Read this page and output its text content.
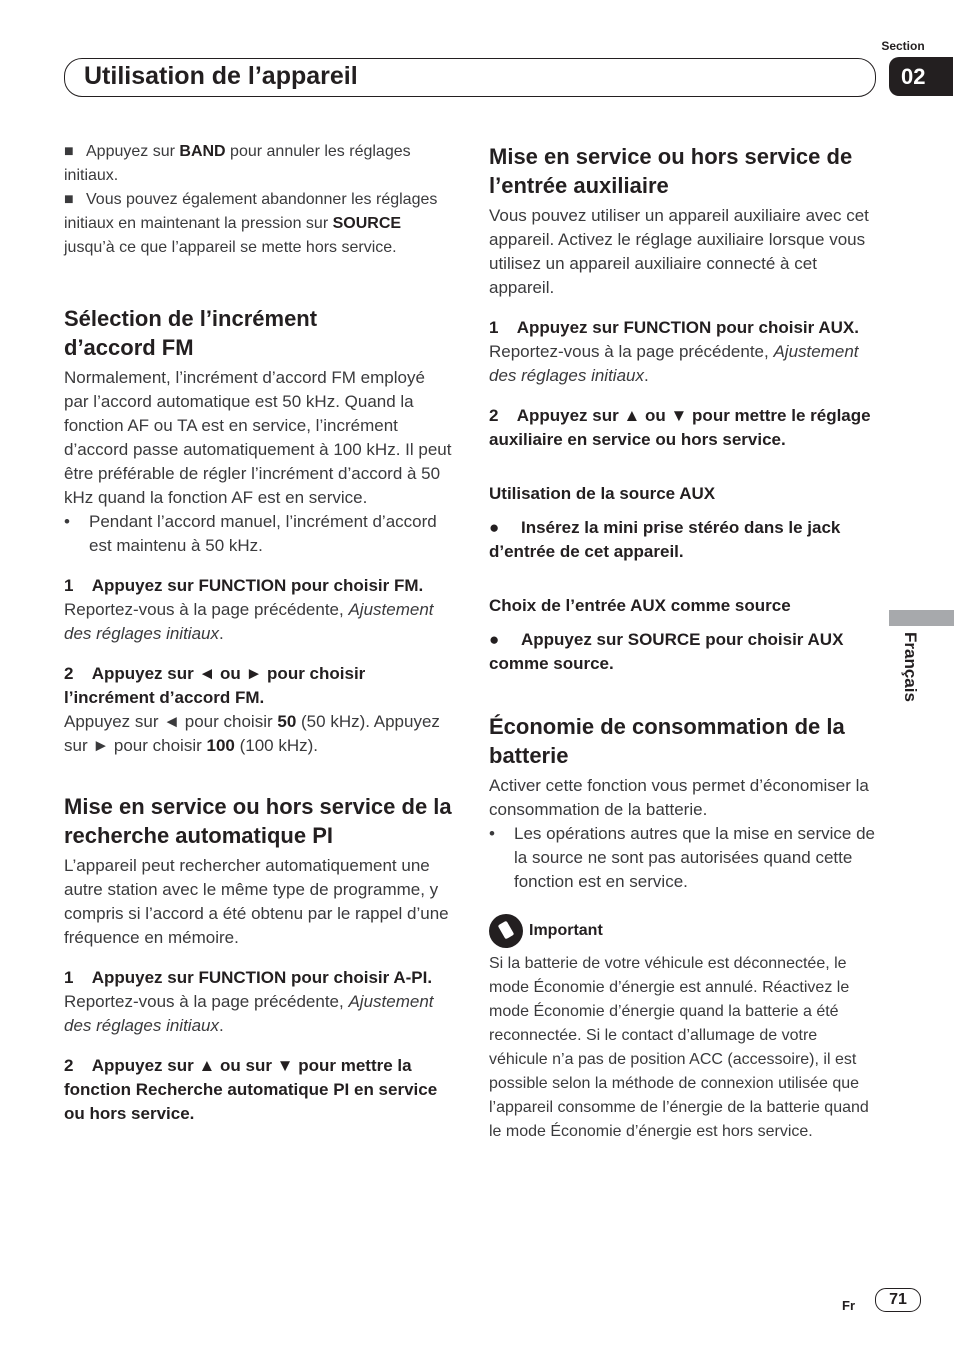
Utilisation de l’appareil
Section
02
Français

■ Appuyez sur BAND pour annuler les réglages initiaux.

■ Vous pouvez également abandonner les réglages initiaux en maintenant la pression sur SOURCE jusqu’à ce que l’appareil se mette hors service.

Sélection de l’incrément d’accord FM

Normalement, l’incrément d’accord FM employé par l’accord automatique est 50 kHz. Quand la fonction AF ou TA est en service, l’incrément d’accord passe automatiquement à 100 kHz. Il peut être préférable de régler l’incrément d’accord à 50 kHz quand la fonction AF est en service.

• Pendant l’accord manuel, l’incrément d’accord est maintenu à 50 kHz.

1    Appuyez sur FUNCTION pour choisir FM.

Reportez-vous à la page précédente, Ajustement des réglages initiaux.

2    Appuyez sur ◄ ou ► pour choisir l’incrément d’accord FM.

Appuyez sur ◄ pour choisir 50 (50 kHz). Appuyez sur ► pour choisir 100 (100 kHz).

Mise en service ou hors service de la recherche automatique PI

L’appareil peut rechercher automatiquement une autre station avec le même type de programme, y compris si l’accord a été obtenu par le rappel d’une fréquence en mémoire.

1    Appuyez sur FUNCTION pour choisir A-PI.

Reportez-vous à la page précédente, Ajustement des réglages initiaux.

2    Appuyez sur ▲ ou sur ▼ pour mettre la fonction Recherche automatique PI en service ou hors service.

Mise en service ou hors service de l’entrée auxiliaire

Vous pouvez utiliser un appareil auxiliaire avec cet appareil. Activez le réglage auxiliaire lorsque vous utilisez un appareil auxiliaire connecté à cet appareil.

1    Appuyez sur FUNCTION pour choisir AUX.

Reportez-vous à la page précédente, Ajustement des réglages initiaux.

2    Appuyez sur ▲ ou ▼ pour mettre le réglage auxiliaire en service ou hors service.

Utilisation de la source AUX

● Insérez la mini prise stéréo dans le jack d’entrée de cet appareil.

Choix de l’entrée AUX comme source

● Appuyez sur SOURCE pour choisir AUX comme source.

Économie de consommation de la batterie

Activer cette fonction vous permet d’économiser la consommation de la batterie.

• Les opérations autres que la mise en service de la source ne sont pas autorisées quand cette fonction est en service.

Important

Si la batterie de votre véhicule est déconnectée, le mode Économie d’énergie est annulé. Réactivez le mode Économie d’énergie quand la batterie a été reconnectée. Si le contact d’allumage de votre véhicule n’a pas de position ACC (accessoire), il est possible selon la méthode de connexion utilisée que l’appareil consomme de l’énergie de la batterie quand le mode Économie d’énergie est hors service.

Fr	71
